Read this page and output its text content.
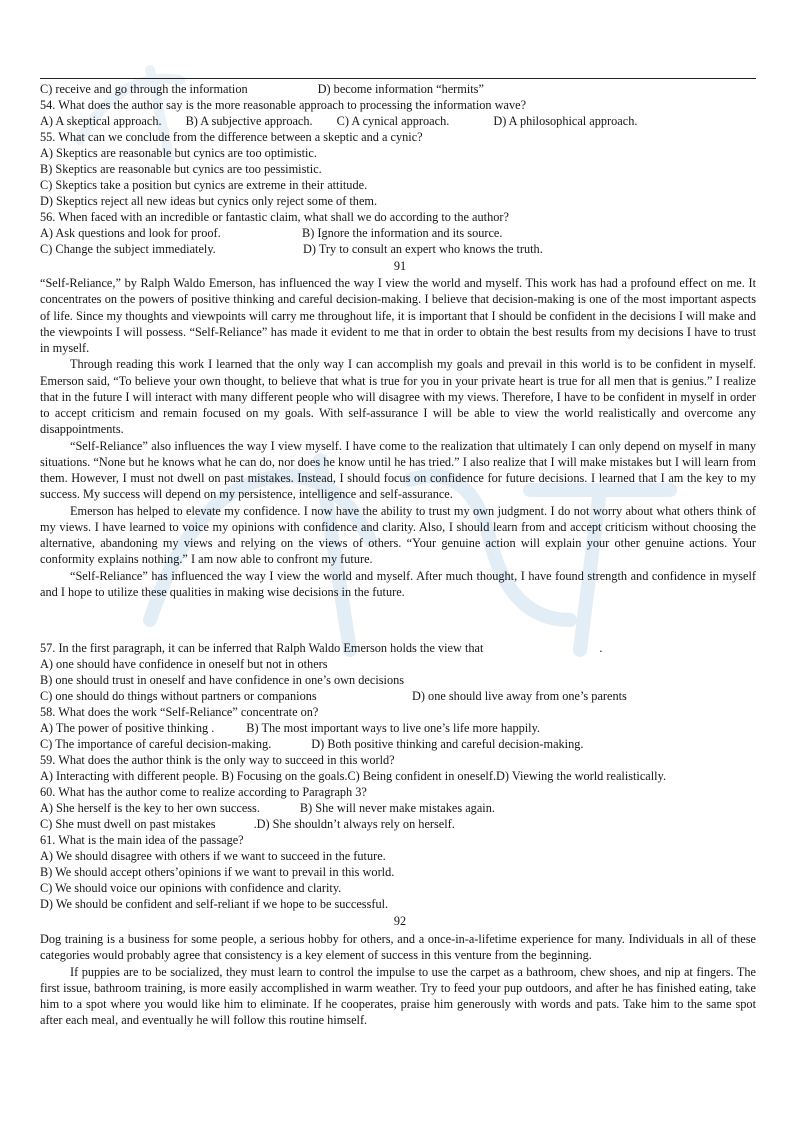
C) receive and go through the information	D) become information “hermits”
54. What does the author say is the more reasonable approach to processing the information wave?
A) A skeptical approach. B) A subjective approach. C) A cynical approach.	D) A philosophical approach.
55. What can we conclude from the difference between a skeptic and a cynic?
A) Skeptics are reasonable but cynics are too optimistic.
B) Skeptics are reasonable but cynics are too pessimistic.
C) Skeptics take a position but cynics are extreme in their attitude.
D) Skeptics reject all new ideas but cynics only reject some of them.
56. When faced with an incredible or fantastic claim, what shall we do according to the author?
A) Ask questions and look for proof.	B) Ignore the information and its source.
C) Change the subject immediately.	D) Try to consult an expert who knows the truth.
91

“Self-Reliance,” by Ralph Waldo Emerson, has influenced the way I view the world and myself. This work has had a profound effect on me. It concentrates on the powers of positive thinking and careful decision-making. I believe that decision-making is one of the most important aspects of life. Since my thoughts and viewpoints will carry me throughout life, it is important that I should be confident in the decisions I will make and the viewpoints I will possess. “Self-Reliance” has made it evident to me that in order to obtain the best results from my decisions I have to trust in myself.

Through reading this work I learned that the only way I can accomplish my goals and prevail in this world is to be confident in myself. Emerson said, “To believe your own thought, to believe that what is true for you in your private heart is true for all men that is genius.” I realize that in the future I will interact with many different people who will disagree with my views. Therefore, I have to be confident in myself in order to accept criticism and remain focused on my goals. With self-assurance I will be able to view the world realistically and overcome any disappointments.

“Self-Reliance” also influences the way I view myself. I have come to the realization that ultimately I can only depend on myself in many situations. “None but he knows what he can do, nor does he know until he has tried.” I also realize that I will make mistakes but I will learn from them. However, I must not dwell on past mistakes. Instead, I should focus on confidence for future decisions. I learned that I am the key to my success. My success will depend on my persistence, intelligence and self-assurance.

Emerson has helped to elevate my confidence. I now have the ability to trust my own judgment. I do not worry about what others think of my views. I have learned to voice my opinions with confidence and clarity. Also, I should learn from and accept criticism without choosing the alternative, abandoning my views and relying on the views of others. “Your genuine action will explain your other genuine actions. Your conformity explains nothing.” I am now able to confront my future.

“Self-Reliance” has influenced the way I view the world and myself. After much thought, I have found strength and confidence in myself and I hope to utilize these qualities in making wise decisions in the future.

57. In the first paragraph, it can be inferred that Ralph Waldo Emerson holds the view that	.
A) one should have confidence in oneself but not in others
B) one should trust in oneself and have confidence in one’s own decisions
C) one should do things without partners or companions	D) one should live away from one’s parents
58. What does the work “Self-Reliance” concentrate on?
A) The power of positive thinking .	B) The most important ways to live one’s life more happily.
C) The importance of careful decision-making.	D) Both positive thinking and careful decision-making.
59. What does the author think is the only way to succeed in this world?
A) Interacting with different people. B) Focusing on the goals.C) Being confident in oneself.D) Viewing the world realistically.
60. What has the author come to realize according to Paragraph 3?
A) She herself is the key to her own success.	B) She will never make mistakes again.
C) She must dwell on past mistakes	.D) She shouldn’t always rely on herself.
61. What is the main idea of the passage?
A) We should disagree with others if we want to succeed in the future.
B) We should accept others’opinions if we want to prevail in this world.
C) We should voice our opinions with confidence and clarity.
D) We should be confident and self-reliant if we hope to be successful.
92

Dog training is a business for some people, a serious hobby for others, and a once-in-a-lifetime experience for many. Individuals in all of these categories would probably agree that consistency is a key element of success in this venture from the beginning.

If puppies are to be socialized, they must learn to control the impulse to use the carpet as a bathroom, chew shoes, and nip at fingers. The first issue, bathroom training, is more easily accomplished in warm weather. Try to feed your pup outdoors, and after he has finished eating, take him to a spot where you would like him to eliminate. If he cooperates, praise him generously with words and pats. Take him to the same spot after each meal, and eventually he will follow this routine himself.
